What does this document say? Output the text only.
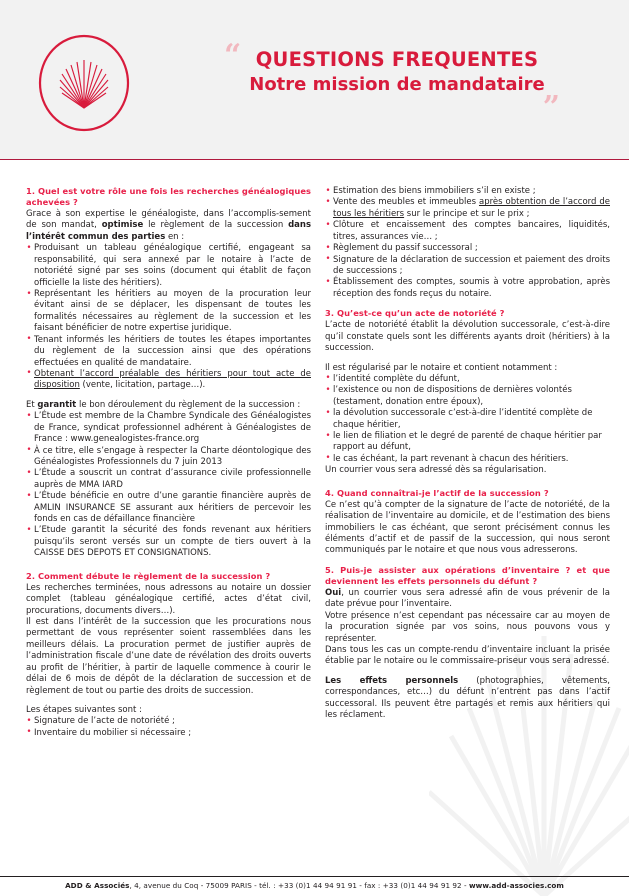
“ QUESTIONS FREQUENTES
Notre mission de mandataire
”
1. Quel est votre rôle une fois les recherches généalogiques achevées ?

Grace à son expertise le généalogiste, dans l’accomplis-sement de son mandat, optimise le règlement de la succession dans l’intérêt commun des parties en :

• Produisant un tableau généalogique certifié, engageant sa responsabilité, qui sera annexé par le notaire à l’acte de notoriété signé par ses soins (document qui établit de façon officielle la liste des héritiers).
• Représentant les héritiers au moyen de la procuration leur évitant ainsi de se déplacer, les dispensant de toutes les formalités nécessaires au règlement de la succession et les faisant bénéficier de notre expertise juridique.
• Tenant informés les héritiers de toutes les étapes importantes du règlement de la succession ainsi que des opérations effectuées en qualité de mandataire.
• Obtenant l’accord préalable des héritiers pour tout acte de disposition (vente, licitation, partage…).

Et garantit le bon déroulement du règlement de la succession :

• L’Étude est membre de la Chambre Syndicale des Généalogistes de France, syndicat professionnel adhérent à Généalogistes de France : www.genealogistes-france.org
• À ce titre, elle s’engage à respecter la Charte déontologique des Généalogistes Professionnels du 7 juin 2013
• L’Étude a souscrit un contrat d’assurance civile professionnelle auprès de MMA IARD
• L’Étude bénéficie en outre d’une garantie financière auprès de AMLIN INSURANCE SE assurant aux héritiers de percevoir les fonds en cas de défaillance financière
• L’Etude garantit la sécurité des fonds revenant aux héritiers puisqu’ils seront versés sur un compte de tiers ouvert à la CAISSE DES DEPOTS ET CONSIGNATIONS.
2. Comment débute le règlement de la succession ?

Les recherches terminées, nous adressons au notaire un dossier complet (tableau généalogique certifié, actes d’état civil, procurations, documents divers…).

Il est dans l’intérêt de la succession que les procurations nous permettant de vous représenter soient rassemblées dans les meilleurs délais. La procuration permet de justifier auprès de l’administration fiscale d’une date de révélation des droits ouverts au profit de l’héritier, à partir de laquelle commence à courir le délai de 6 mois de dépôt de la déclaration de succession et de règlement de tout ou partie des droits de succession.

Les étapes suivantes sont :

• Signature de l’acte de notoriété ;
• Inventaire du mobilier si nécessaire ;
• Estimation des biens immobiliers s’il en existe ;
• Vente des meubles et immeubles après obtention de l’accord de tous les héritiers sur le principe et sur le prix ;
• Clôture et encaissement des comptes bancaires, liquidités, titres, assurances vie… ;
• Règlement du passif successoral ;
• Signature de la déclaration de succession et paiement des droits de successions ;
• Établissement des comptes, soumis à votre approbation, après réception des fonds reçus du notaire.
3. Qu’est-ce qu’un acte de notoriété ?

L’acte de notoriété établit la dévolution successorale, c’est-à-dire qu’il constate quels sont les différents ayants droit (héritiers) à la succession.

Il est régularisé par le notaire et contient notamment :

• l’identité complète du défunt,
• l’existence ou non de dispositions de dernières volontés (testament, donation entre époux),
• la dévolution successorale c’est-à-dire l’identité complète de chaque héritier,
• le lien de filiation et le degré de parenté de chaque héritier par rapport au défunt,
• le cas échéant, la part revenant à chacun des héritiers.

Un courrier vous sera adressé dès sa régularisation.

4. Quand connaîtrai-je l’actif de la succession ?

Ce n’est qu’à compter de la signature de l’acte de notoriété, de la réalisation de l’inventaire au domicile, et de l’estimation des biens immobiliers le cas échéant, que seront précisément connus les éléments d’actif et de passif de la succession, qui nous seront communiqués par le notaire et que nous vous adresserons.

5. Puis-je assister aux opérations d’inventaire ? et que deviennent les effets personnels du défunt ?

Oui, un courrier vous sera adressé afin de vous prévenir de la date prévue pour l’inventaire.

Votre présence n’est cependant pas nécessaire car au moyen de la procuration signée par vos soins, nous pouvons vous y représenter.

Dans tous les cas un compte-rendu d’inventaire incluant la prisée établie par le notaire ou le commissaire-priseur vous sera adressé.

Les effets personnels (photographies, vêtements, correspondances, etc…) du défunt n’entrent pas dans l’actif successoral. Ils peuvent être partagés et remis aux héritiers qui les réclament.

ADD & Associés, 4, avenue du Coq - 75009 PARIS - tél. : +33 (0)1 44 94 91 91 - fax : +33 (0)1 44 94 91 92 - www.add-associes.com
